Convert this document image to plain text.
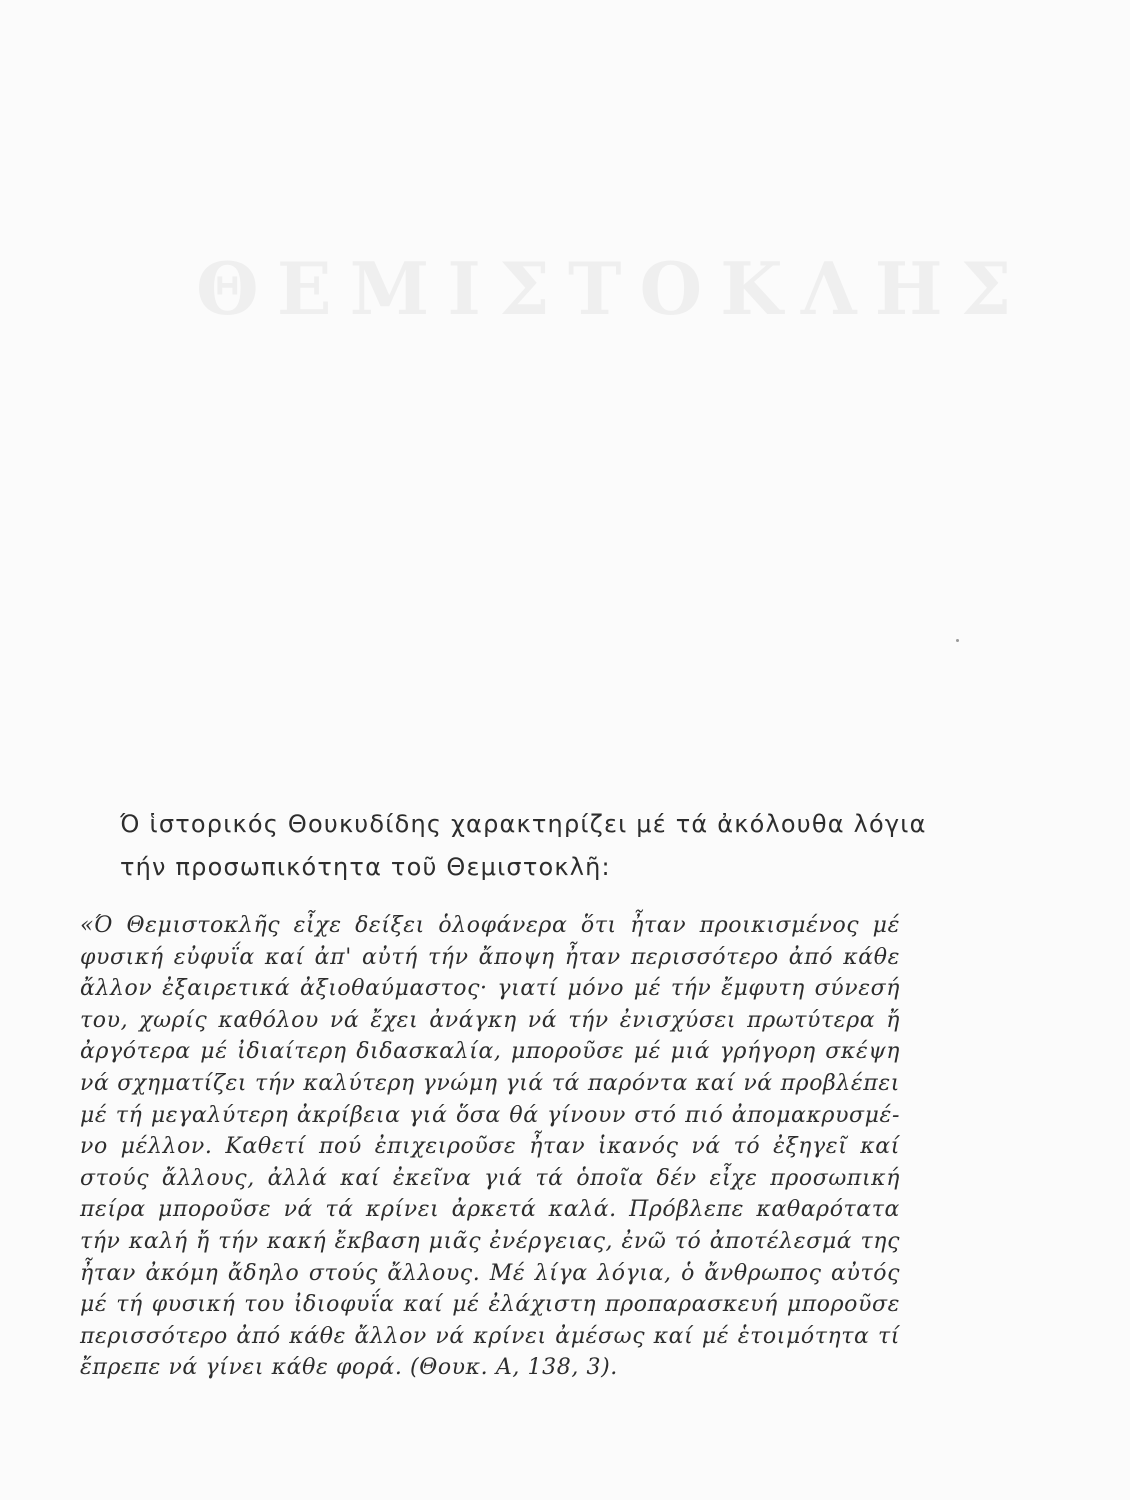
Ό ἱστορικός Θουκυδίδης χαρακτηρίζει μέ τά ἀκόλουθα λόγια
τήν προσωπικότητα τοῦ Θεμιστοκλῆ:
«Ό Θεμιστοκλῆς εἶχε δείξει ὁλοφάνερα ὅτι ἦταν προικισμένος μέ
φυσική εὐφυΐα καί ἀπ' αὐτή τήν ἄποψη ἦταν περισσότερο ἀπό κάθε
ἄλλον ἐξαιρετικά ἀξιοθαύμαστος· γιατί μόνο μέ τήν ἔμφυτη σύνεσή
του, χωρίς καθόλου νά ἔχει ἀνάγκη νά τήν ἐνισχύσει πρωτύτερα ἤ
ἀργότερα μέ ἰδιαίτερη διδασκαλία, μποροῦσε μέ μιά γρήγορη σκέψη
νά σχηματίζει τήν καλύτερη γνώμη γιά τά παρόντα καί νά προβλέπει
μέ τή μεγαλύτερη ἀκρίβεια γιά ὅσα θά γίνουν στό πιό ἀπομακρυσμέ-
νο μέλλον. Καθετί πού ἐπιχειροῦσε ἦταν ἱκανός νά τό ἐξηγεῖ καί
στούς ἄλλους, ἀλλά καί ἐκεῖνα γιά τά ὁποῖα δέν εἶχε προσωπική
πείρα μποροῦσε νά τά κρίνει ἀρκετά καλά. Πρόβλεπε καθαρότατα
τήν καλή ἤ τήν κακή ἔκβαση μιᾶς ἐνέργειας, ἐνῶ τό ἀποτέλεσμά της
ἦταν ἀκόμη ἄδηλο στούς ἄλλους. Μέ λίγα λόγια, ὁ ἄνθρωπος αὐτός
μέ τή φυσική του ἰδιοφυΐα καί μέ ἐλάχιστη προπαρασκευή μποροῦσε
περισσότερο ἀπό κάθε ἄλλον νά κρίνει ἀμέσως καί μέ ἑτοιμότητα τί
ἔπρεπε νά γίνει κάθε φορά. (Θουκ. Α, 138, 3).
